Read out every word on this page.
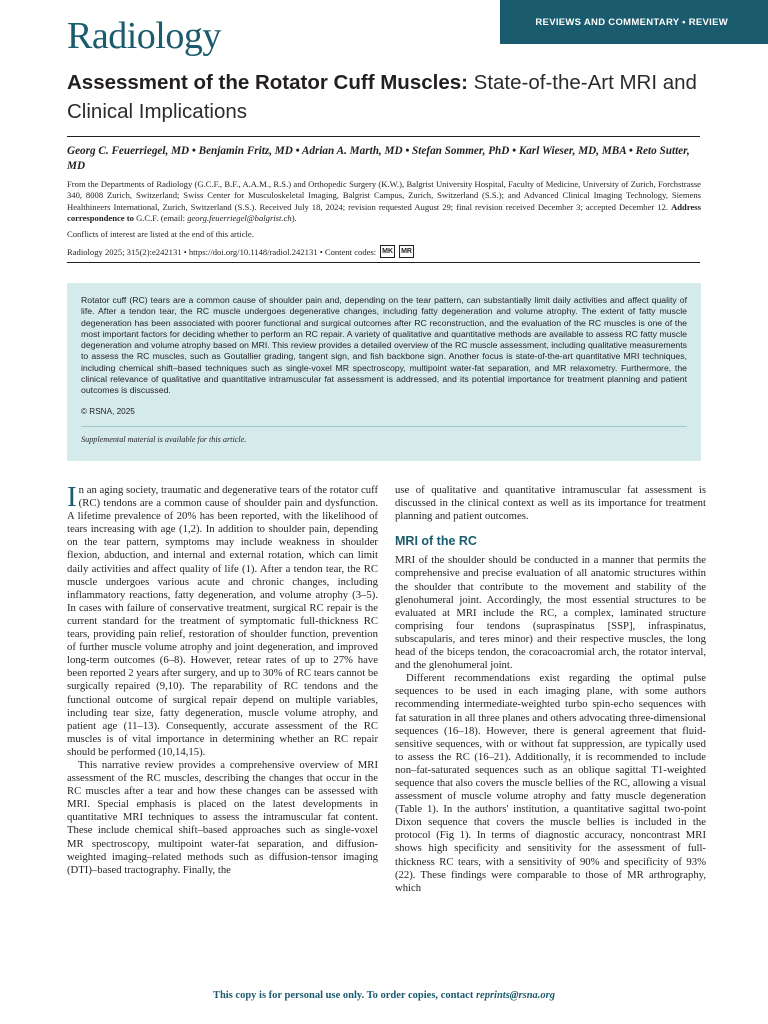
Radiology	REVIEWS AND COMMENTARY • REVIEW
Assessment of the Rotator Cuff Muscles: State-of-the-Art MRI and Clinical Implications
Georg C. Feuerriegel, MD • Benjamin Fritz, MD • Adrian A. Marth, MD • Stefan Sommer, PhD • Karl Wieser, MD, MBA • Reto Sutter, MD
From the Departments of Radiology (G.C.F., B.F., A.A.M., R.S.) and Orthopedic Surgery (K.W.), Balgrist University Hospital, Faculty of Medicine, University of Zurich, Forchstrasse 340, 8008 Zurich, Switzerland; Swiss Center for Musculoskeletal Imaging, Balgrist Campus, Zurich, Switzerland (S.S.); and Advanced Clinical Imaging Technology, Siemens Healthineers International, Zurich, Switzerland (S.S.). Received July 18, 2024; revision requested August 29; final revision received December 3; accepted December 12. Address correspondence to G.C.F. (email: georg.feuerriegel@balgrist.ch).
Conflicts of interest are listed at the end of this article.
Radiology 2025; 315(2):e242131 • https://doi.org/10.1148/radiol.242131 • Content codes: MK MR
Rotator cuff (RC) tears are a common cause of shoulder pain and, depending on the tear pattern, can substantially limit daily activities and affect quality of life. After a tendon tear, the RC muscle undergoes degenerative changes, including fatty degeneration and volume atrophy. The extent of fatty muscle degeneration has been associated with poorer functional and surgical outcomes after RC reconstruction, and the evaluation of the RC muscles is one of the most important factors for deciding whether to perform an RC repair. A variety of qualitative and quantitative methods are available to assess RC fatty muscle degeneration and volume atrophy based on MRI. This review provides a detailed overview of the RC muscle assessment, including qualitative measurements to assess the RC muscles, such as Goutallier grading, tangent sign, and fish backbone sign. Another focus is state-of-the-art quantitative MRI techniques, including chemical shift–based techniques such as single-voxel MR spectroscopy, multipoint water-fat separation, and MR relaxometry. Furthermore, the clinical relevance of qualitative and quantitative intramuscular fat assessment is addressed, and its potential importance for treatment planning and patient outcomes is discussed.
© RSNA, 2025
Supplemental material is available for this article.

In an aging society, traumatic and degenerative tears of the rotator cuff (RC) tendons are a common cause of shoulder pain and dysfunction. A lifetime prevalence of 20% has been reported, with the likelihood of tears increasing with age (1,2). In addition to shoulder pain, depending on the tear pattern, symptoms may include weakness in shoulder flexion, abduction, and internal and external rotation, which can limit daily activities and affect quality of life (1). After a tendon tear, the RC muscle undergoes various acute and chronic changes, including inflammatory reactions, fatty degeneration, and volume atrophy (3–5). In cases with failure of conservative treatment, surgical RC repair is the current standard for the treatment of symptomatic full-thickness RC tears, providing pain relief, restoration of shoulder function, prevention of further muscle volume atrophy and joint degeneration, and improved long-term outcomes (6–8). However, retear rates of up to 27% have been reported 2 years after surgery, and up to 30% of RC tears cannot be surgically repaired (9,10). The reparability of RC tendons and the functional outcome of surgical repair depend on multiple variables, including tear size, fatty degeneration, muscle volume atrophy, and patient age (11–13). Consequently, accurate assessment of the RC muscles is of vital importance in determining whether an RC repair should be performed (10,14,15).

This narrative review provides a comprehensive overview of MRI assessment of the RC muscles, describing the changes that occur in the RC muscles after a tear and how these changes can be assessed with MRI. Special emphasis is placed on the latest developments in quantitative MRI techniques to assess the intramuscular fat content. These include chemical shift–based approaches such as single-voxel MR spectroscopy, multipoint water-fat separation, and diffusion-weighted imaging–related methods such as diffusion-tensor imaging (DTI)–based tractography. Finally, the

use of qualitative and quantitative intramuscular fat assessment is discussed in the clinical context as well as its importance for treatment planning and patient outcomes.

MRI of the RC

MRI of the shoulder should be conducted in a manner that permits the comprehensive and precise evaluation of all anatomic structures within the shoulder that contribute to the movement and stability of the glenohumeral joint. Accordingly, the most essential structures to be evaluated at MRI include the RC, a complex, laminated structure comprising four tendons (supraspinatus [SSP], infraspinatus, subscapularis, and teres minor) and their respective muscles, the long head of the biceps tendon, the coracoacromial arch, the rotator interval, and the glenohumeral joint.

Different recommendations exist regarding the optimal pulse sequences to be used in each imaging plane, with some authors recommending intermediate-weighted turbo spin-echo sequences with fat saturation in all three planes and others advocating three-dimensional sequences (16–18). However, there is general agreement that fluid-sensitive sequences, with or without fat suppression, are typically used to assess the RC (16–21). Additionally, it is recommended to include non–fat-saturated sequences such as an oblique sagittal T1-weighted sequence that also covers the muscle bellies of the RC, allowing a visual assessment of muscle volume atrophy and fatty muscle degeneration (Table 1). In the authors' institution, a quantitative sagittal two-point Dixon sequence that covers the muscle bellies is included in the protocol (Fig 1). In terms of diagnostic accuracy, noncontrast MRI shows high specificity and sensitivity for the assessment of full-thickness RC tears, with a sensitivity of 90% and specificity of 93% (22). These findings were comparable to those of MR arthrography, which

This copy is for personal use only. To order copies, contact reprints@rsna.org
